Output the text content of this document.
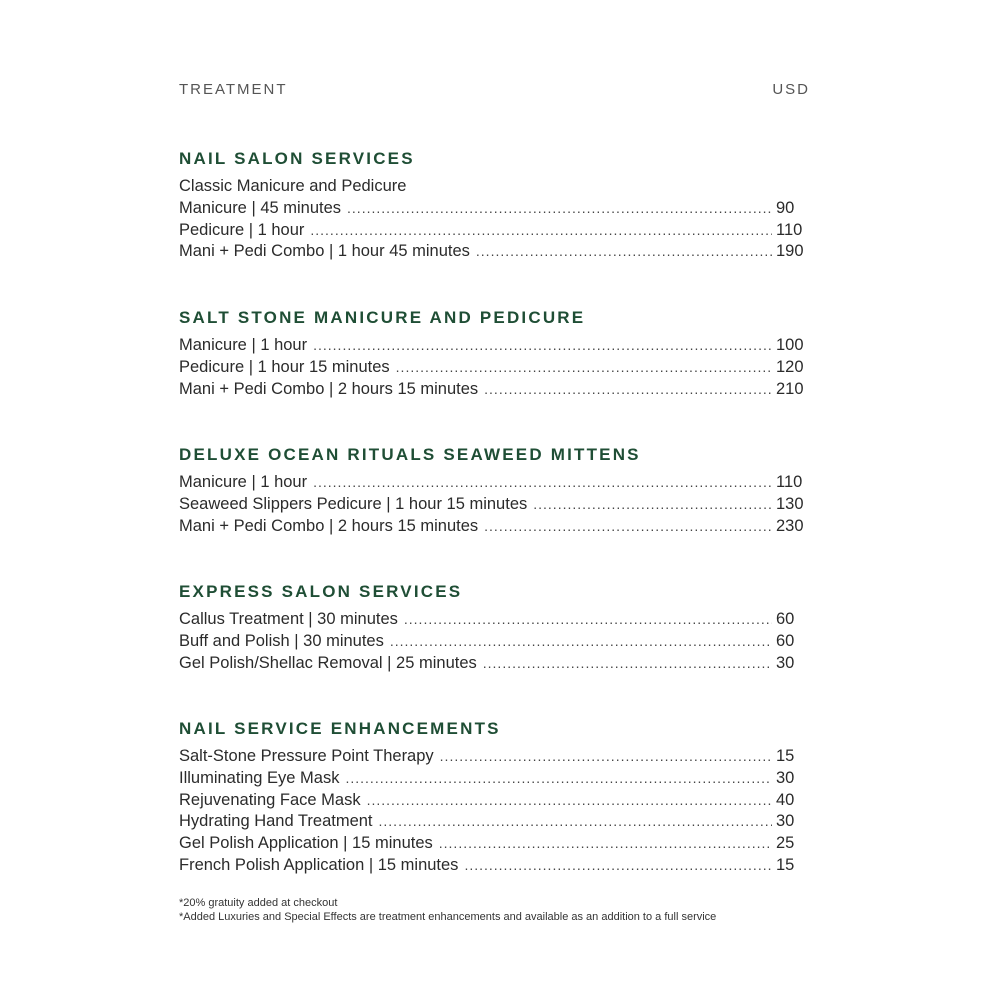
TREATMENT	USD
NAIL SALON SERVICES
Classic Manicure and Pedicure
Manicure | 45 minutes .....	90
Pedicure | 1 hour .....	110
Mani + Pedi Combo | 1 hour 45 minutes .....	190
SALT STONE MANICURE AND PEDICURE
Manicure | 1 hour .....	100
Pedicure | 1 hour 15 minutes .....	120
Mani + Pedi Combo | 2 hours 15 minutes .....	210
DELUXE OCEAN RITUALS SEAWEED MITTENS
Manicure | 1 hour .....	110
Seaweed Slippers Pedicure | 1 hour 15 minutes .....	130
Mani + Pedi Combo | 2 hours 15 minutes .....	230
EXPRESS SALON SERVICES
Callus Treatment | 30 minutes .....	60
Buff and Polish | 30 minutes .....	60
Gel Polish/Shellac Removal | 25 minutes .....	30
NAIL SERVICE ENHANCEMENTS
Salt-Stone Pressure Point Therapy .....	15
Illuminating Eye Mask .....	30
Rejuvenating Face Mask .....	40
Hydrating Hand Treatment .....	30
Gel Polish Application | 15 minutes .....	25
French Polish Application | 15 minutes .....	15
*20% gratuity added at checkout
*Added Luxuries and Special Effects are treatment enhancements and available as an addition to a full service
